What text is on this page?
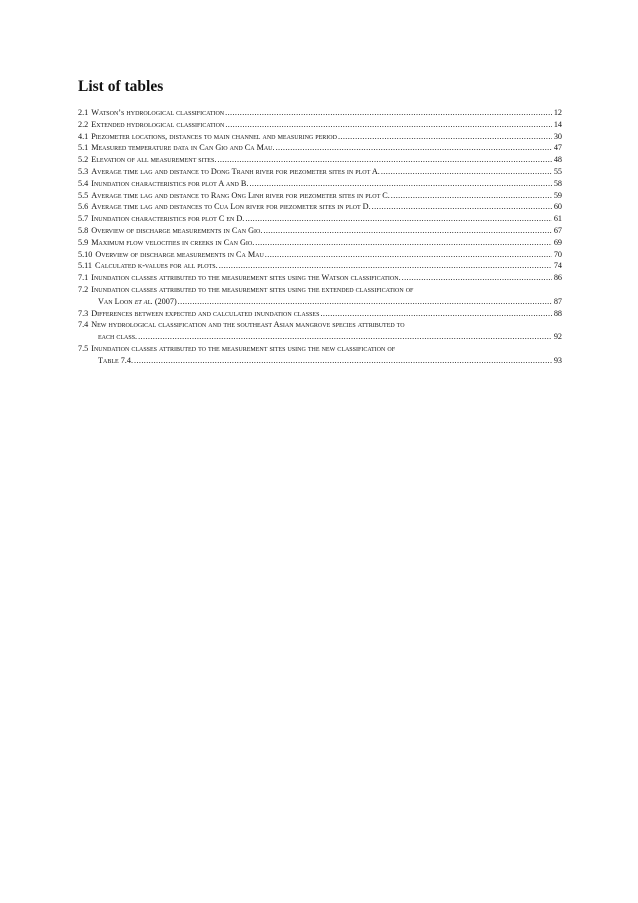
List of tables
2.1 Watson’s hydrological classification .....	12
2.2 Extended hydrological classification .....	14
4.1 Piezometer locations, distances to main channel and measuring period .....	30
5.1 Measured temperature data in Can Gio and Ca Mau. .....	47
5.2 Elevation of all measurement sites. .....	48
5.3 Average time lag and distance to Dong Tranh river for piezometer sites in plot A. .....	55
5.4 Inundation characteristics for plot A and B. .....	58
5.5 Average time lag and distance to Rang Ong Linh river for piezometer sites in plot C. .....	59
5.6 Average time lag and distances to Cua Lon river for piezometer sites in plot D. .....	60
5.7 Inundation characteristics for plot C en D. .....	61
5.8 Overview of discharge measurements in Can Gio. .....	67
5.9 Maximum flow velocities in creeks in Can Gio. .....	69
5.10 Overview of discharge measurements in Ca Mau .....	70
5.11 Calculated k-values for all plots. .....	74
7.1 Inundation classes attributed to the measurement sites using the Watson classification. .....	86
7.2 Inundation classes attributed to the measurement sites using the extended classification of
Van Loon et al. (2007) .....	87
7.3 Differences between expected and calculated inundation classes .....	88
7.4 New hydrological classification and the southeast Asian mangrove species attributed to
each class. .....	92
7.5 Inundation classes attributed to the measurement sites using the new classification of
Table 7.4. .....	93
